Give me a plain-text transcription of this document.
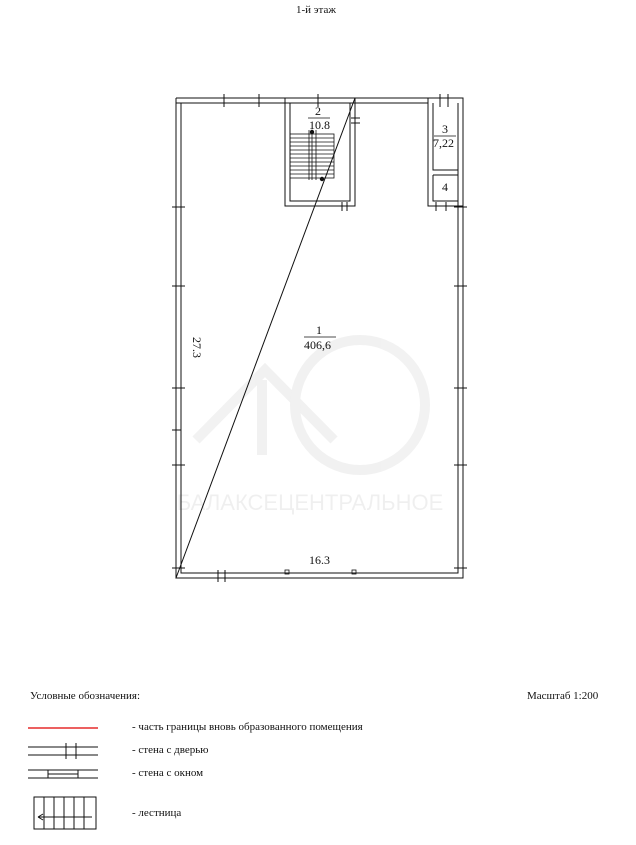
БАЛАКСЕЦЕНТРАЛЬНОЕ
1-й этаж
2
10.8	3
7,22
4
1
406,6
27.3
16.3
Условные обозначения:	Масштаб 1:200
- часть границы вновь образованного помещения
- стена с дверью
- стена с окном
- лестница
